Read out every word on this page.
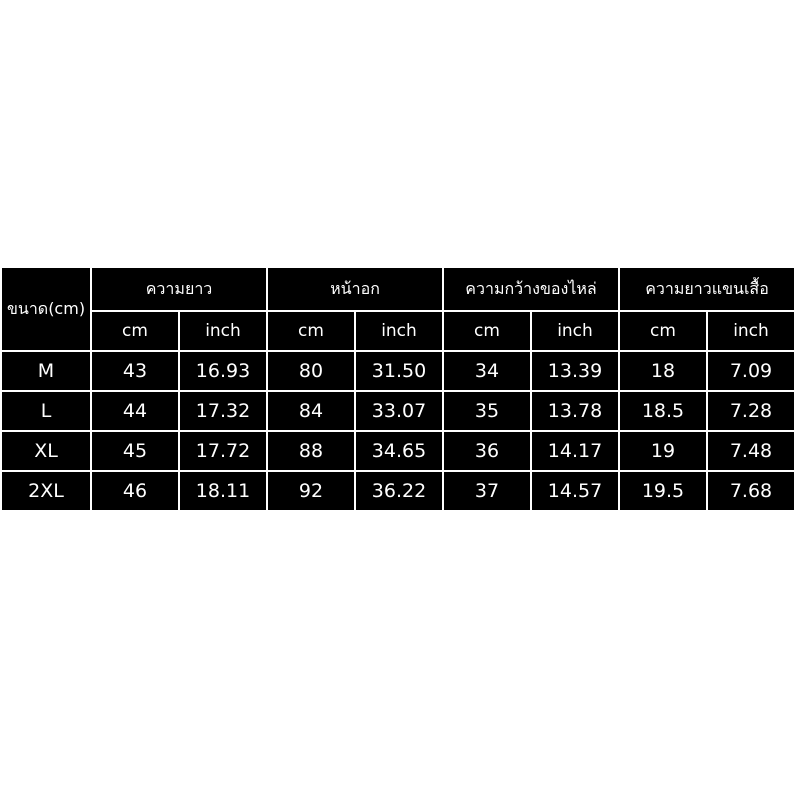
ขนาด(cm)	ความยาว		หน้าอก		ความกว้างของไหล่		ความยาวแขนเสื้อ	
	cm	inch	cm	inch	cm	inch	cm	inch
M	43	16.93	80	31.50	34	13.39	18	7.09
L	44	17.32	84	33.07	35	13.78	18.5	7.28
XL	45	17.72	88	34.65	36	14.17	19	7.48
2XL	46	18.11	92	36.22	37	14.57	19.5	7.68
